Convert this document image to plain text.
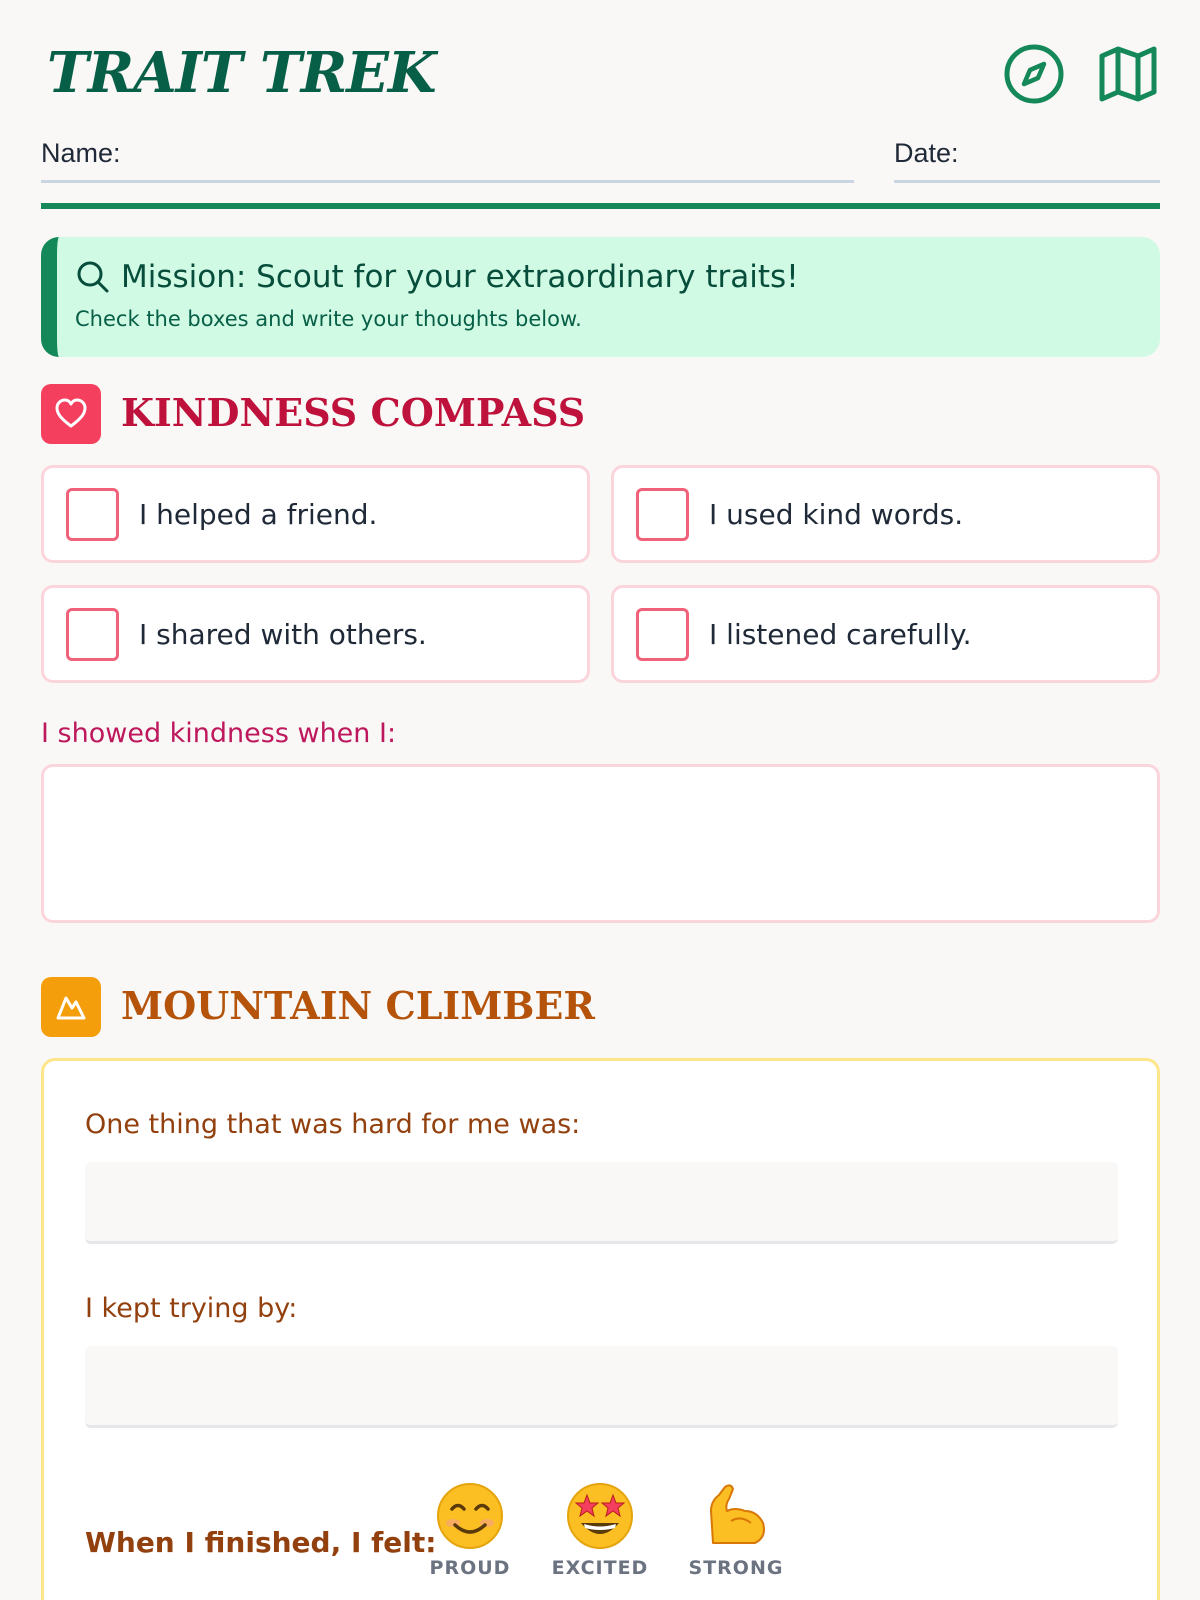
TRAIT TREK
Name:	Date:
Mission: Scout for your extraordinary traits!
Check the boxes and write your thoughts below.
KINDNESS COMPASS
I helped a friend.	I used kind words.
I shared with others.	I listened carefully.
I showed kindness when I:
MOUNTAIN CLIMBER
One thing that was hard for me was:
I kept trying by:
When I finished, I felt:
PROUD	EXCITED	STRONG
